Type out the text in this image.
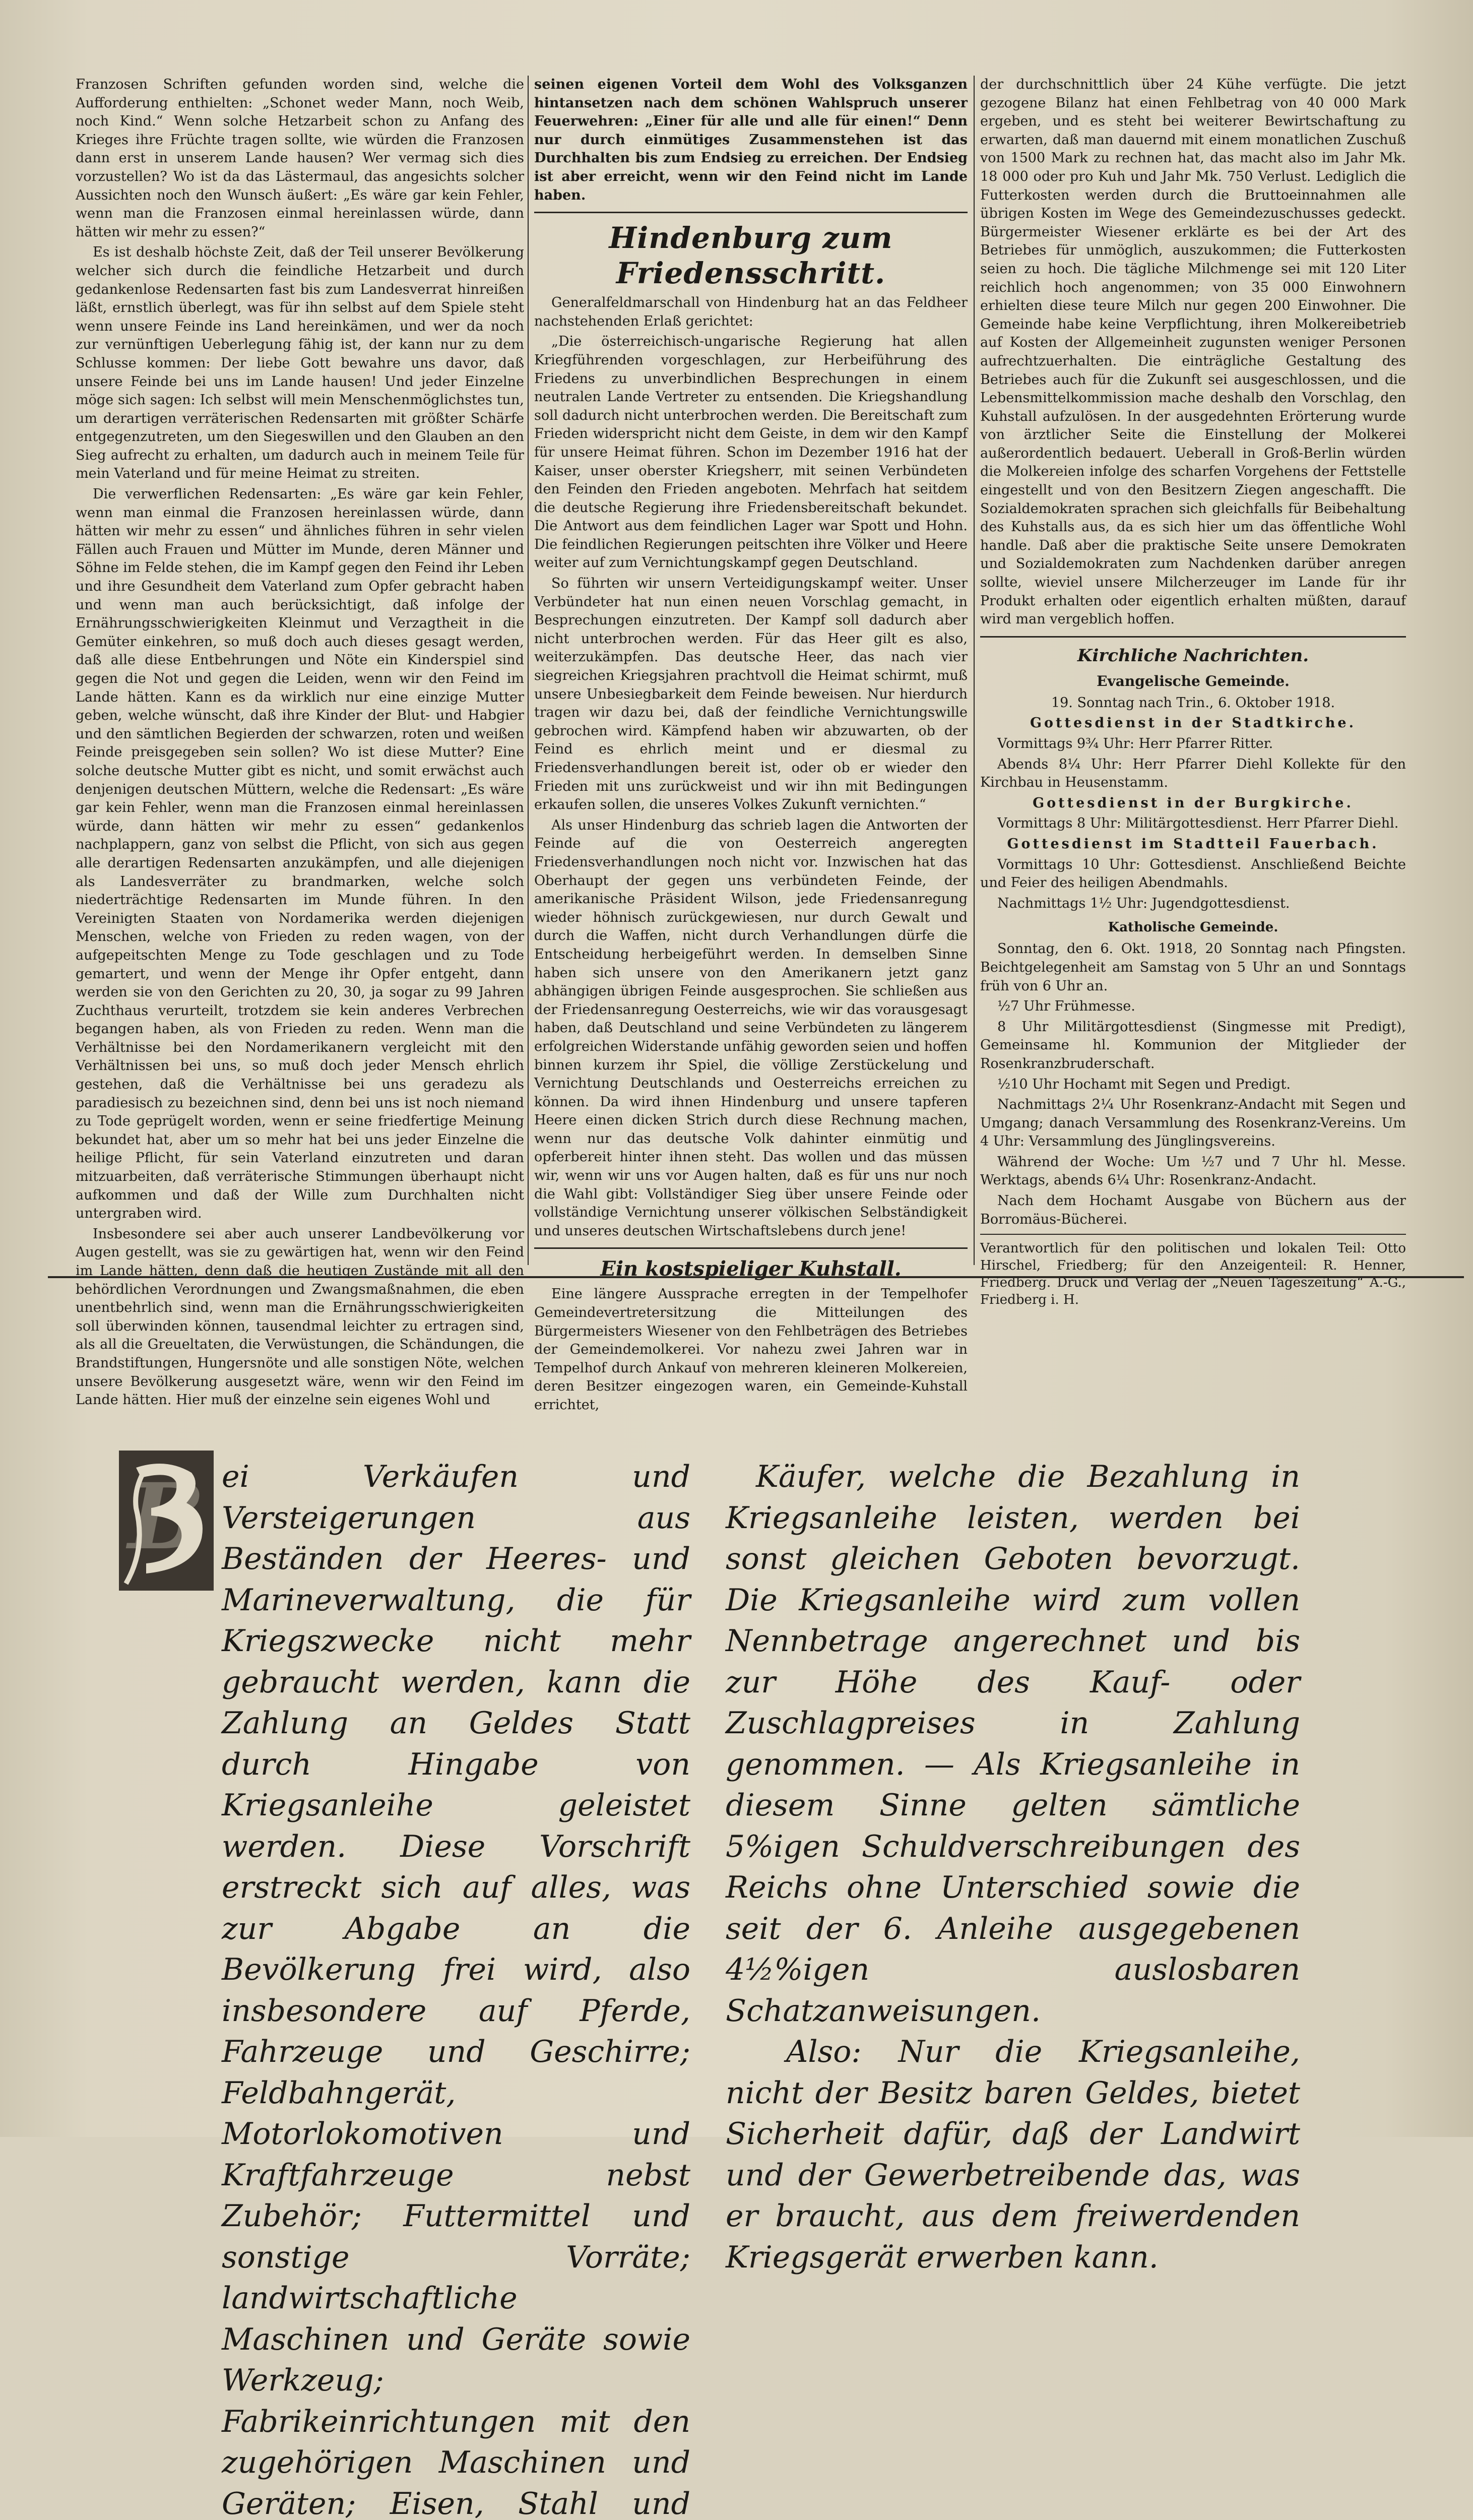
Franzosen Schriften gefunden worden sind, welche die Aufforderung enthielten: „Schonet weder Mann, noch Weib, noch Kind.“ Wenn solche Hetzarbeit schon zu Anfang des Krieges ihre Früchte tragen sollte, wie würden die Franzosen dann erst in unserem Lande hausen? Wer vermag sich dies vorzustellen? Wo ist da das Lästermaul, das angesichts solcher Aussichten noch den Wunsch äußert: „Es wäre gar kein Fehler, wenn man die Franzosen einmal hereinlassen würde, dann hätten wir mehr zu essen?“

Es ist deshalb höchste Zeit, daß der Teil unserer Bevölkerung welcher sich durch die feindliche Hetzarbeit und durch gedankenlose Redensarten fast bis zum Landesverrat hinreißen läßt, ernstlich überlegt, was für ihn selbst auf dem Spiele steht wenn unsere Feinde ins Land hereinkämen, und wer da noch zur vernünftigen Ueberlegung fähig ist, der kann nur zu dem Schlusse kommen: Der liebe Gott bewahre uns davor, daß unsere Feinde bei uns im Lande hausen! Und jeder Einzelne möge sich sagen: Ich selbst will mein Menschenmöglichstes tun, um derartigen verräterischen Redensarten mit größter Schärfe entgegenzutreten, um den Siegeswillen und den Glauben an den Sieg aufrecht zu erhalten, um dadurch auch in meinem Teile für mein Vaterland und für meine Heimat zu streiten.

Die verwerflichen Redensarten: „Es wäre gar kein Fehler, wenn man einmal die Franzosen hereinlassen würde, dann hätten wir mehr zu essen“ und ähnliches führen in sehr vielen Fällen auch Frauen und Mütter im Munde, deren Männer und Söhne im Felde stehen, die im Kampf gegen den Feind ihr Leben und ihre Gesundheit dem Vaterland zum Opfer gebracht haben und wenn man auch berücksichtigt, daß infolge der Ernährungsschwierigkeiten Kleinmut und Verzagtheit in die Gemüter einkehren, so muß doch auch dieses gesagt werden, daß alle diese Entbehrungen und Nöte ein Kinderspiel sind gegen die Not und gegen die Leiden, wenn wir den Feind im Lande hätten. Kann es da wirklich nur eine einzige Mutter geben, welche wünscht, daß ihre Kinder der Blut- und Habgier und den sämtlichen Begierden der schwarzen, roten und weißen Feinde preisgegeben sein sollen? Wo ist diese Mutter? Eine solche deutsche Mutter gibt es nicht, und somit erwächst auch denjenigen deutschen Müttern, welche die Redensart: „Es wäre gar kein Fehler, wenn man die Franzosen einmal hereinlassen würde, dann hätten wir mehr zu essen“ gedankenlos nachplappern, ganz von selbst die Pflicht, von sich aus gegen alle derartigen Redensarten anzukämpfen, und alle diejenigen als Landesverräter zu brandmarken, welche solch niederträchtige Redensarten im Munde führen. In den Vereinigten Staaten von Nordamerika werden diejenigen Menschen, welche von Frieden zu reden wagen, von der aufgepeitschten Menge zu Tode geschlagen und zu Tode gemartert, und wenn der Menge ihr Opfer entgeht, dann werden sie von den Gerichten zu 20, 30, ja sogar zu 99 Jahren Zuchthaus verurteilt, trotzdem sie kein anderes Verbrechen begangen haben, als von Frieden zu reden. Wenn man die Verhältnisse bei den Nordamerikanern vergleicht mit den Verhältnissen bei uns, so muß doch jeder Mensch ehrlich gestehen, daß die Verhältnisse bei uns geradezu als paradiesisch zu bezeichnen sind, denn bei uns ist noch niemand zu Tode geprügelt worden, wenn er seine friedfertige Meinung bekundet hat, aber um so mehr hat bei uns jeder Einzelne die heilige Pflicht, für sein Vaterland einzutreten und daran mitzuarbeiten, daß verräterische Stimmungen überhaupt nicht aufkommen und daß der Wille zum Durchhalten nicht untergraben wird.

Insbesondere sei aber auch unserer Landbevölkerung vor Augen gestellt, was sie zu gewärtigen hat, wenn wir den Feind im Lande hätten, denn daß die heutigen Zustände mit all den behördlichen Verordnungen und Zwangsmaßnahmen, die eben unentbehrlich sind, wenn man die Ernährungsschwierigkeiten soll überwinden können, tausendmal leichter zu ertragen sind, als all die Greueltaten, die Verwüstungen, die Schändungen, die Brandstiftungen, Hungersnöte und alle sonstigen Nöte, welchen unsere Bevölkerung ausgesetzt wäre, wenn wir den Feind im Lande hätten. Hier muß der einzelne sein eigenes Wohl und

seinen eigenen Vorteil dem Wohl des Volksganzen hintansetzen nach dem schönen Wahlspruch unserer Feuerwehren: „Einer für alle und alle für einen!“ Denn nur durch einmütiges Zusammenstehen ist das Durchhalten bis zum Endsieg zu erreichen. Der Endsieg ist aber erreicht, wenn wir den Feind nicht im Lande haben.

Hindenburg zum Friedensschritt.

Generalfeldmarschall von Hindenburg hat an das Feldheer nachstehenden Erlaß gerichtet:

„Die österreichisch-ungarische Regierung hat allen Kriegführenden vorgeschlagen, zur Herbeiführung des Friedens zu unverbindlichen Besprechungen in einem neutralen Lande Vertreter zu entsenden. Die Kriegshandlung soll dadurch nicht unterbrochen werden. Die Bereitschaft zum Frieden widerspricht nicht dem Geiste, in dem wir den Kampf für unsere Heimat führen. Schon im Dezember 1916 hat der Kaiser, unser oberster Kriegsherr, mit seinen Verbündeten den Feinden den Frieden angeboten. Mehrfach hat seitdem die deutsche Regierung ihre Friedensbereitschaft bekundet. Die Antwort aus dem feindlichen Lager war Spott und Hohn. Die feindlichen Regierungen peitschten ihre Völker und Heere weiter auf zum Vernichtungskampf gegen Deutschland.

So führten wir unsern Verteidigungskampf weiter. Unser Verbündeter hat nun einen neuen Vorschlag gemacht, in Besprechungen einzutreten. Der Kampf soll dadurch aber nicht unterbrochen werden. Für das Heer gilt es also, weiterzukämpfen. Das deutsche Heer, das nach vier siegreichen Kriegsjahren prachtvoll die Heimat schirmt, muß unsere Unbesiegbarkeit dem Feinde beweisen. Nur hierdurch tragen wir dazu bei, daß der feindliche Vernichtungswille gebrochen wird. Kämpfend haben wir abzuwarten, ob der Feind es ehrlich meint und er diesmal zu Friedensverhandlungen bereit ist, oder ob er wieder den Frieden mit uns zurückweist und wir ihn mit Bedingungen erkaufen sollen, die unseres Volkes Zukunft vernichten.“

Als unser Hindenburg das schrieb lagen die Antworten der Feinde auf die von Oesterreich angeregten Friedensverhandlungen noch nicht vor. Inzwischen hat das Oberhaupt der gegen uns verbündeten Feinde, der amerikanische Präsident Wilson, jede Friedensanregung wieder höhnisch zurückgewiesen, nur durch Gewalt und durch die Waffen, nicht durch Verhandlungen dürfe die Entscheidung herbeigeführt werden. In demselben Sinne haben sich unsere von den Amerikanern jetzt ganz abhängigen übrigen Feinde ausgesprochen. Sie schließen aus der Friedensanregung Oesterreichs, wie wir das vorausgesagt haben, daß Deutschland und seine Verbündeten zu längerem erfolgreichen Widerstande unfähig geworden seien und hoffen binnen kurzem ihr Spiel, die völlige Zerstückelung und Vernichtung Deutschlands und Oesterreichs erreichen zu können. Da wird ihnen Hindenburg und unsere tapferen Heere einen dicken Strich durch diese Rechnung machen, wenn nur das deutsche Volk dahinter einmütig und opferbereit hinter ihnen steht. Das wollen und das müssen wir, wenn wir uns vor Augen halten, daß es für uns nur noch die Wahl gibt: Vollständiger Sieg über unsere Feinde oder vollständige Vernichtung unserer völkischen Selbständigkeit und unseres deutschen Wirtschaftslebens durch jene!

Ein kostspieliger Kuhstall.

Eine längere Aussprache erregten in der Tempelhofer Gemeindevertretersitzung die Mitteilungen des Bürgermeisters Wiesener von den Fehlbeträgen des Betriebes der Gemeindemolkerei. Vor nahezu zwei Jahren war in Tempelhof durch Ankauf von mehreren kleineren Molkereien, deren Besitzer eingezogen waren, ein Gemeinde-Kuhstall errichtet,

der durchschnittlich über 24 Kühe verfügte. Die jetzt gezogene Bilanz hat einen Fehlbetrag von 40 000 Mark ergeben, und es steht bei weiterer Bewirtschaftung zu erwarten, daß man dauernd mit einem monatlichen Zuschuß von 1500 Mark zu rechnen hat, das macht also im Jahr Mk. 18 000 oder pro Kuh und Jahr Mk. 750 Verlust. Lediglich die Futterkosten werden durch die Bruttoeinnahmen alle übrigen Kosten im Wege des Gemeindezuschusses gedeckt. Bürgermeister Wiesener erklärte es bei der Art des Betriebes für unmöglich, auszukommen; die Futterkosten seien zu hoch. Die tägliche Milchmenge sei mit 120 Liter reichlich hoch angenommen; von 35 000 Einwohnern erhielten diese teure Milch nur gegen 200 Einwohner. Die Gemeinde habe keine Verpflichtung, ihren Molkereibetrieb auf Kosten der Allgemeinheit zugunsten weniger Personen aufrechtzuerhalten. Die einträgliche Gestaltung des Betriebes auch für die Zukunft sei ausgeschlossen, und die Lebensmittelkommission mache deshalb den Vorschlag, den Kuhstall aufzulösen. In der ausgedehnten Erörterung wurde von ärztlicher Seite die Einstellung der Molkerei außerordentlich bedauert. Ueberall in Groß-Berlin würden die Molkereien infolge des scharfen Vorgehens der Fettstelle eingestellt und von den Besitzern Ziegen angeschafft. Die Sozialdemokraten sprachen sich gleichfalls für Beibehaltung des Kuhstalls aus, da es sich hier um das öffentliche Wohl handle. Daß aber die praktische Seite unsere Demokraten und Sozialdemokraten zum Nachdenken darüber anregen sollte, wieviel unsere Milcherzeuger im Lande für ihr Produkt erhalten oder eigentlich erhalten müßten, darauf wird man vergeblich hoffen.

Kirchliche Nachrichten.
Evangelische Gemeinde.

19. Sonntag nach Trin., 6. Oktober 1918.

Gottesdienst in der Stadtkirche.

Vormittags 9¾ Uhr: Herr Pfarrer Ritter.

Abends 8¼ Uhr: Herr Pfarrer Diehl Kollekte für den Kirchbau in Heusenstamm.

Gottesdienst in der Burgkirche.

Vormittags 8 Uhr: Militärgottesdienst. Herr Pfarrer Diehl.

Gottesdienst im Stadtteil Fauerbach.

Vormittags 10 Uhr: Gottesdienst. Anschließend Beichte und Feier des heiligen Abendmahls.

Nachmittags 1½ Uhr: Jugendgottesdienst.

Katholische Gemeinde.

Sonntag, den 6. Okt. 1918, 20 Sonntag nach Pfingsten. Beichtgelegenheit am Samstag von 5 Uhr an und Sonntags früh von 6 Uhr an.

½7 Uhr Frühmesse.

8 Uhr Militärgottesdienst (Singmesse mit Predigt), Gemeinsame hl. Kommunion der Mitglieder der Rosenkranzbruderschaft.

½10 Uhr Hochamt mit Segen und Predigt.

Nachmittags 2¼ Uhr Rosenkranz-Andacht mit Segen und Umgang; danach Versammlung des Rosenkranz-Vereins. Um 4 Uhr: Versammlung des Jünglingsvereins.

Während der Woche: Um ½7 und 7 Uhr hl. Messe. Werktags, abends 6¼ Uhr: Rosenkranz-Andacht.

Nach dem Hochamt Ausgabe von Büchern aus der Borromäus-Bücherei.

Verantwortlich für den politischen und lokalen Teil: Otto Hirschel, Friedberg; für den Anzeigenteil: R. Henner, Friedberg. Druck und Verlag der „Neuen Tageszeitung“ A.-G., Friedberg i. H.

B ei Verkäufen und Versteigerungen aus Beständen der Heeres- und Marineverwaltung, die für Kriegszwecke nicht mehr gebraucht werden, kann die Zahlung an Geldes Statt durch Hingabe von Kriegsanleihe geleistet werden. Diese Vorschrift erstreckt sich auf alles, was zur Abgabe an die Bevölkerung frei wird, also insbesondere auf Pferde, Fahrzeuge und Geschirre; Feldbahngerät, Motorlokomotiven und Kraftfahrzeuge nebst Zubehör; Futtermittel und sonstige Vorräte; landwirtschaftliche Maschinen und Geräte sowie Werkzeug; Fabrikeinrichtungen mit den zugehörigen Maschinen und Geräten; Eisen, Stahl und

Käufer, welche die Bezahlung in Kriegsanleihe leisten, werden bei sonst gleichen Geboten bevorzugt. Die Kriegsanleihe wird zum vollen Nennbetrage angerechnet und bis zur Höhe des Kauf- oder Zuschlagpreises in Zahlung genommen. — Als Kriegsanleihe in diesem Sinne gelten sämtliche 5%igen Schuldverschreibungen des Reichs ohne Unterschied sowie die seit der 6. Anleihe ausgegebenen 4½%igen auslosbaren Schatzanweisungen.

Also: Nur die Kriegsanleihe, nicht der Besitz baren Geldes, bietet Sicherheit dafür, daß der Landwirt und der Gewerbetreibende das, was er braucht, aus dem freiwerdenden Kriegsgerät erwerben kann.
